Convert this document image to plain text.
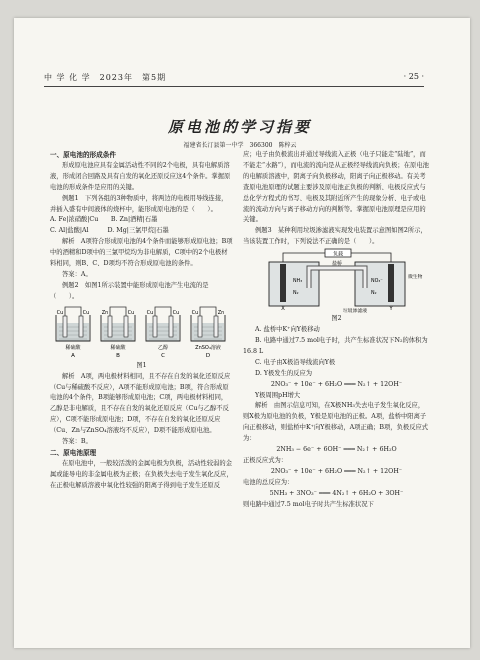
中 学 化 学　2023年　第5期	· 25 ·
原电池的学习指要
福建省长汀县第一中学　366300　陈梓云

一、原电池的形成条件

形成原电池应具有金属活动性不同的2个电极，具有电解质溶液，形成闭合回路及具有自发的氧化还原反应这4个条件。掌握原电池的形成条件是应用的关键。

例题1　下列各组的3种物质中，将两边的电极用导线连接，并插入盛有中间液体的烧杯中，能形成原电池的是（　　）。

A. Fe|浓硝酸|Cu　　B. Zn|酒精|石墨

C. Al|盐酸|Al　　　D. Mg|三氯甲烷|石墨

解析　A项符合形成原电池的4个条件而能够形成原电池；B项中的酒精和D项中的三氯甲烷均为非电解质，C项中的2个电极材料相同，则B、C、D项均不符合形成原电池的条件。

答案：A。

例题2　如图1所示装置中能形成原电池产生电流的是（　　）。

Cu	Cu
稀硫酸
A
Zn	Cu
稀硫酸
B
Cu	Cu
乙醇
C
Cu	Zn
ZnSO₄溶液
D

图1

解析　A项，两电极材料相同，且不存在自发的氧化还原反应（Cu与稀硫酸不反应），A项不能形成原电池；B项，符合形成原电池的4个条件，B项能够形成原电池；C项，两电极材料相同，乙醇是非电解质，且不存在自发的氧化还原反应（Cu与乙醇不反应），C项不能形成原电池；D项，不存在自发的氧化还原反应（Cu、Zn与ZnSO₄溶液均不反应），D项不能形成原电池。

答案：B。

二、原电池原理

在原电池中，一般较活泼的金属电极为负极，活动性较弱的金属或能导电的非金属电极为正极；在负极失去电子发生氧化反应，在正极电解质溶液中氧化性较强的阳离子得到电子发生还原反

应；电子由负极流出并通过导线流入正极（电子只能走“陆地”，而不能走“水路”），而电流的流向是从正极经导线流向负极；在原电池的电解质溶液中，阴离子向负极移动，阳离子向正极移动。有关考查原电池原理的试题主要涉及原电池正负极的判断、电极反应式与总化学方程式的书写、电极及其附近所产生的现象分析、电子或电流的流动方向与离子移动方向的判断等。掌握原电池原理是应用的关键。

例题3　某种利用垃圾渗滤液实现发电装置示意图如图2所示，当该装置工作时，下列说法不正确的是（　　）。

负载
盐桥
X	Y
NH₃
N₂
NO₃⁻
N₂
微生物
垃圾渗滤液

图2

A. 盐桥中K⁺向Y极移动

B. 电路中通过7.5 mol电子时，共产生标准状况下N₂的体积为16.8 L

C. 电子由X极沿导线流向Y极

D. Y极发生的反应为

2NO₃⁻ + 10e⁻ + 6H₂O ═══ N₂↑ + 12OH⁻

Y极周围pH增大

解析　由图示信息可知，在X极NH₃失去电子发生氧化反应，则X极为原电池的负极，Y极是原电池的正极。A项，盐桥中阳离子向正极移动，则盐桥中K⁺向Y极移动，A项正确；B项，负极反应式为：

2NH₃ − 6e⁻ + 6OH⁻ ═══ N₂↑ + 6H₂O

正极反应式为：

2NO₃⁻ + 10e⁻ + 6H₂O ═══ N₂↑ + 12OH⁻

电池的总反应为：

5NH₃ + 3NO₃⁻ ═══ 4N₂↑ + 6H₂O + 3OH⁻

则电路中通过7.5 mol电子时共产生标准状况下
